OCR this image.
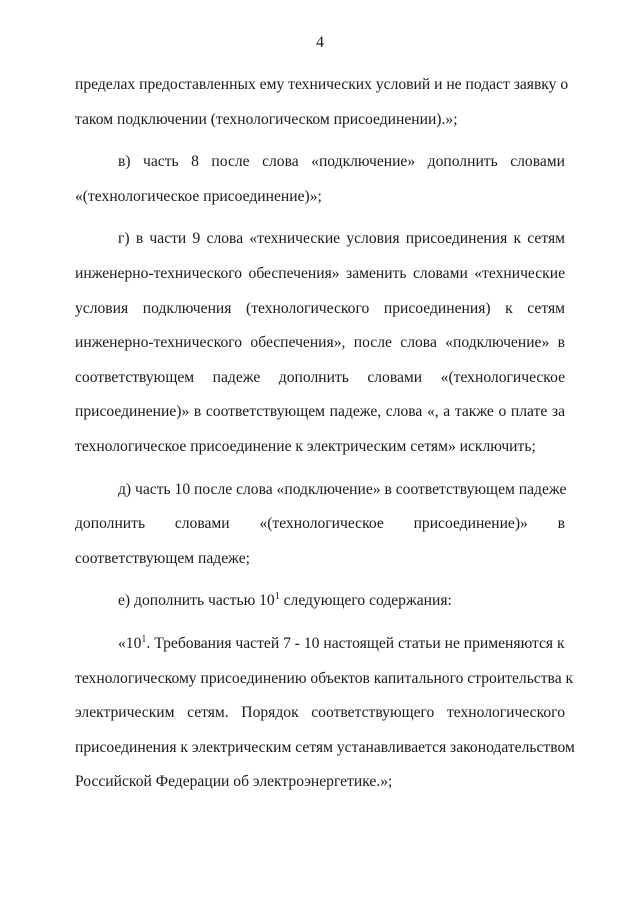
4
пределах предоставленных ему технических условий и не подаст заявку о
таком подключении (технологическом присоединении).»;
в) часть 8 после слова «подключение» дополнить словами
«(технологическое присоединение)»;
г) в части 9 слова «технические условия присоединения к сетям
инженерно-технического обеспечения» заменить словами «технические
условия подключения (технологического присоединения) к сетям
инженерно-технического обеспечения», после слова «подключение» в
соответствующем падеже дополнить словами «(технологическое
присоединение)» в соответствующем падеже, слова «, а также о плате за
технологическое присоединение к электрическим сетям» исключить;
д) часть 10 после слова «подключение» в соответствующем падеже
дополнить словами «(технологическое присоединение)» в
соответствующем падеже;
е) дополнить частью $10^1$ следующего содержания:
«$10^1$. Требования частей 7 - 10 настоящей статьи не применяются к
технологическому присоединению объектов капитального строительства к
электрическим сетям. Порядок соответствующего технологического
присоединения к электрическим сетям устанавливается законодательством
Российской Федерации об электроэнергетике.»;
